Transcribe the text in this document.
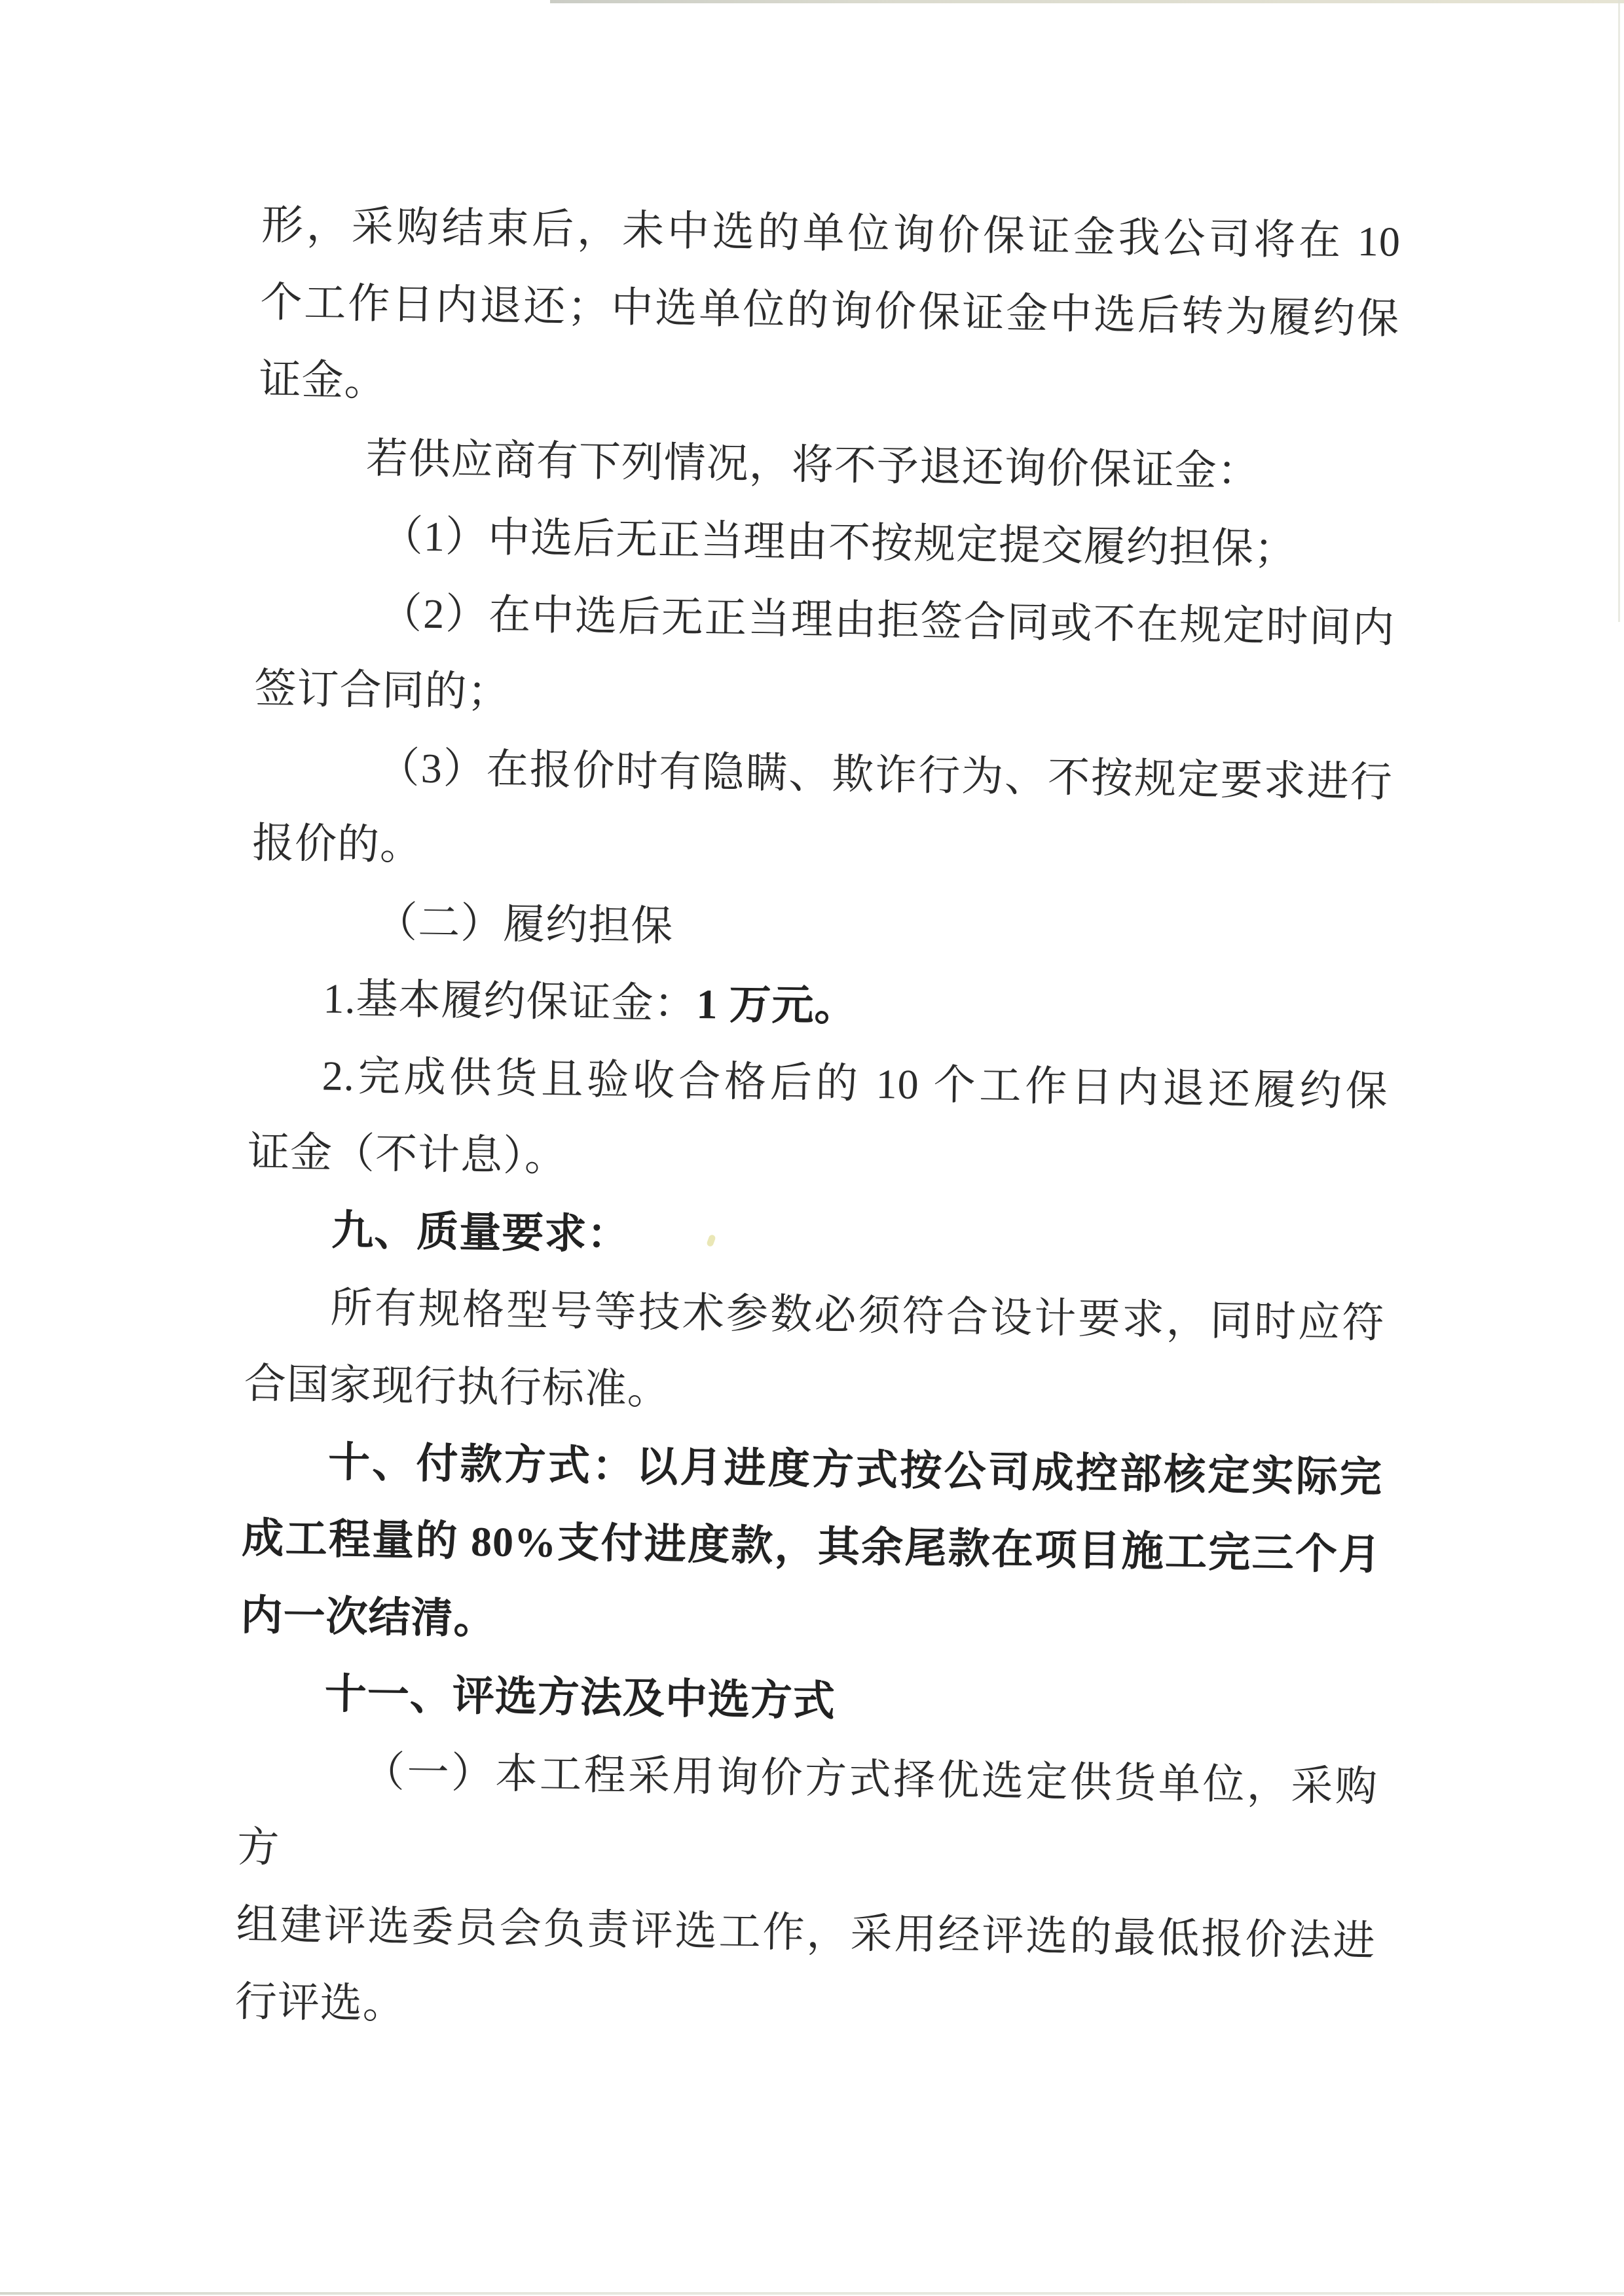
形，采购结束后，未中选的单位询价保证金我公司将在 10
个工作日内退还；中选单位的询价保证金中选后转为履约保
证金。
若供应商有下列情况，将不予退还询价保证金：
（1）中选后无正当理由不按规定提交履约担保；
（2）在中选后无正当理由拒签合同或不在规定时间内
签订合同的；
（3）在报价时有隐瞒、欺诈行为、不按规定要求进行
报价的。
（二）履约担保
1.基本履约保证金：1 万元。
2.完成供货且验收合格后的 10 个工作日内退还履约保
证金（不计息）。
九、质量要求：
所有规格型号等技术参数必须符合设计要求，同时应符
合国家现行执行标准。
十、付款方式：以月进度方式按公司成控部核定实际完
成工程量的 80%支付进度款，其余尾款在项目施工完三个月
内一次结清。
十一、评选方法及中选方式
（一）本工程采用询价方式择优选定供货单位，采购方
组建评选委员会负责评选工作，采用经评选的最低报价法进
行评选。
